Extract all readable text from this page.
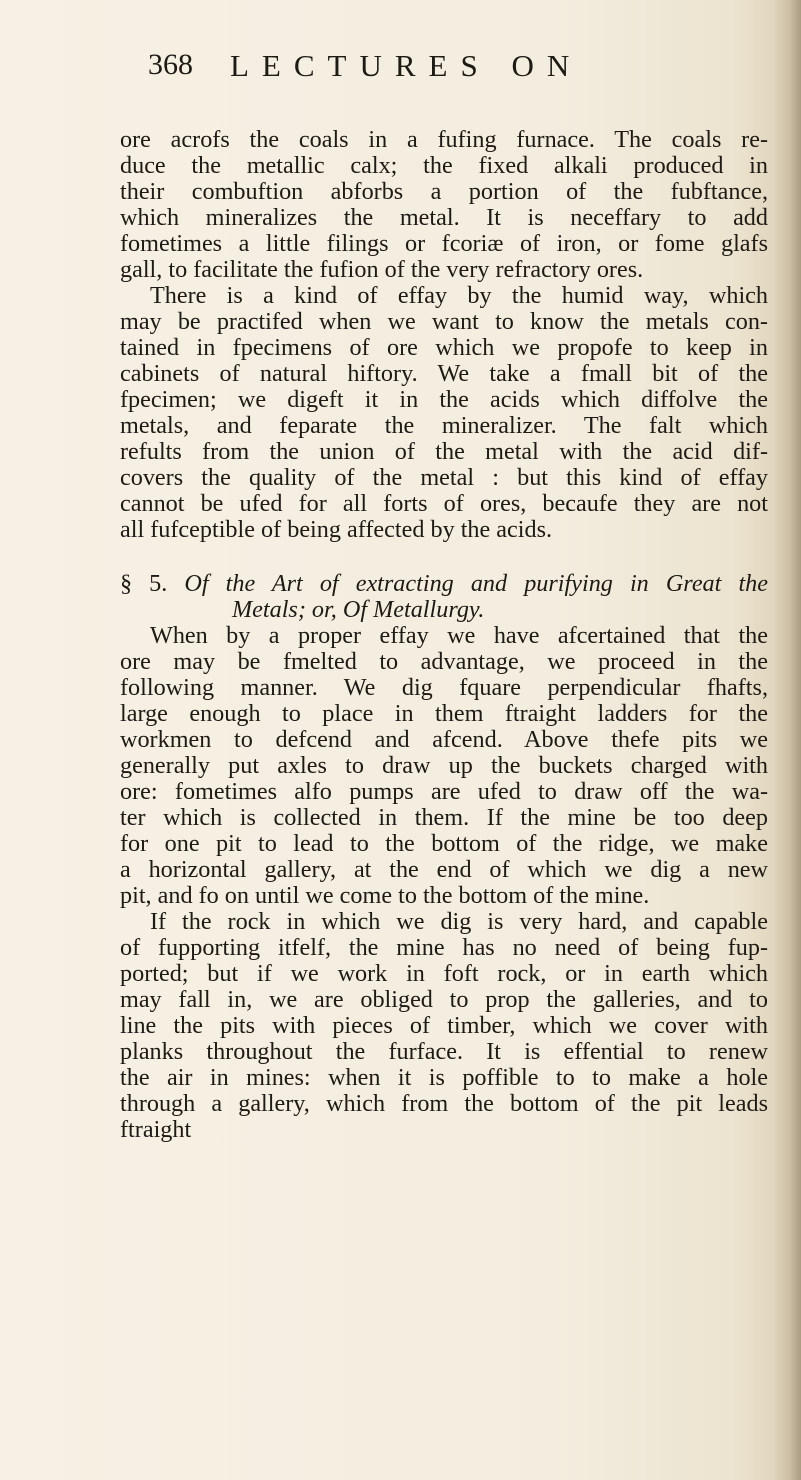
368 LECTURES ON
ore acrofs the coals in a fufing furnace. The coals re-
duce the metallic calx; the fixed alkali produced in
their combuftion abforbs a portion of the fubftance,
which mineralizes the metal. It is neceffary to add
fometimes a little filings or fcoriæ of iron, or fome glafs
gall, to facilitate the fufion of the very refractory ores.
There is a kind of effay by the humid way, which
may be practifed when we want to know the metals con-
tained in fpecimens of ore which we propofe to keep in
cabinets of natural hiftory. We take a fmall bit of the
fpecimen; we digeft it in the acids which diffolve the
metals, and feparate the mineralizer. The falt which
refults from the union of the metal with the acid dif-
covers the quality of the metal : but this kind of effay
cannot be ufed for all forts of ores, becaufe they are not
all fufceptible of being affected by the acids.
§ 5. Of the Art of extracting and purifying in Great the
Metals; or, Of Metallurgy.
When by a proper effay we have afcertained that the
ore may be fmelted to advantage, we proceed in the
following manner. We dig fquare perpendicular fhafts,
large enough to place in them ftraight ladders for the
workmen to defcend and afcend. Above thefe pits we
generally put axles to draw up the buckets charged with
ore: fometimes alfo pumps are ufed to draw off the wa-
ter which is collected in them. If the mine be too deep
for one pit to lead to the bottom of the ridge, we make
a horizontal gallery, at the end of which we dig a new
pit, and fo on until we come to the bottom of the mine.
If the rock in which we dig is very hard, and capable
of fupporting itfelf, the mine has no need of being fup-
ported; but if we work in foft rock, or in earth which
may fall in, we are obliged to prop the galleries, and to
line the pits with pieces of timber, which we cover with
planks throughout the furface. It is effential to renew
the air in mines: when it is poffible to to make a hole
through a gallery, which from the bottom of the pit leads
ftraight
